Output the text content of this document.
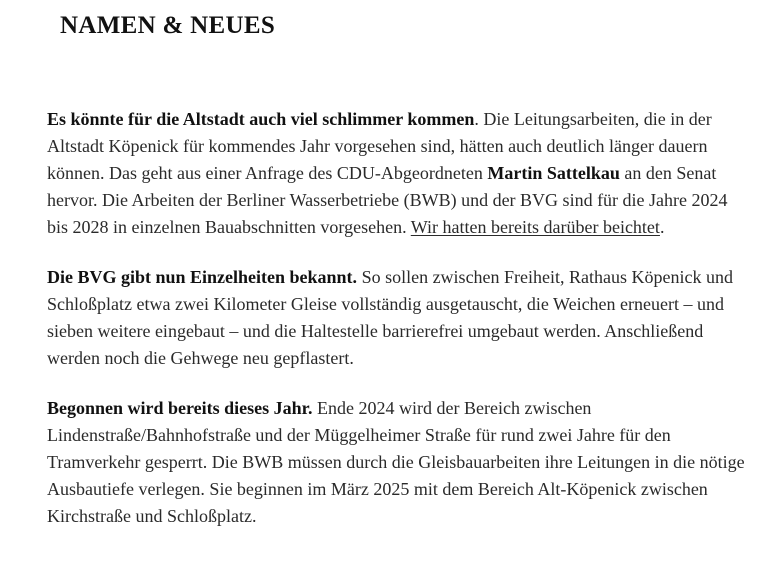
NAMEN & NEUES

Es könnte für die Altstadt auch viel schlimmer kommen. Die Leitungsarbeiten, die in der Altstadt Köpenick für kommendes Jahr vorgesehen sind, hätten auch deutlich länger dauern können. Das geht aus einer Anfrage des CDU-Abgeordneten Martin Sattelkau an den Senat hervor. Die Arbeiten der Berliner Wasserbetriebe (BWB) und der BVG sind für die Jahre 2024 bis 2028 in einzelnen Bauabschnitten vorgesehen. Wir hatten bereits darüber beichtet.

Die BVG gibt nun Einzelheiten bekannt. So sollen zwischen Freiheit, Rathaus Köpenick und Schloßplatz etwa zwei Kilometer Gleise vollständig ausgetauscht, die Weichen erneuert – und sieben weitere eingebaut – und die Haltestelle barrierefrei umgebaut werden. Anschließend werden noch die Gehwege neu gepflastert.

Begonnen wird bereits dieses Jahr. Ende 2024 wird der Bereich zwischen Lindenstraße/Bahnhofstraße und der Müggelheimer Straße für rund zwei Jahre für den Tramverkehr gesperrt. Die BWB müssen durch die Gleisbauarbeiten ihre Leitungen in die nötige Ausbautiefe verlegen. Sie beginnen im März 2025 mit dem Bereich Alt-Köpenick zwischen Kirchstraße und Schloßplatz.
